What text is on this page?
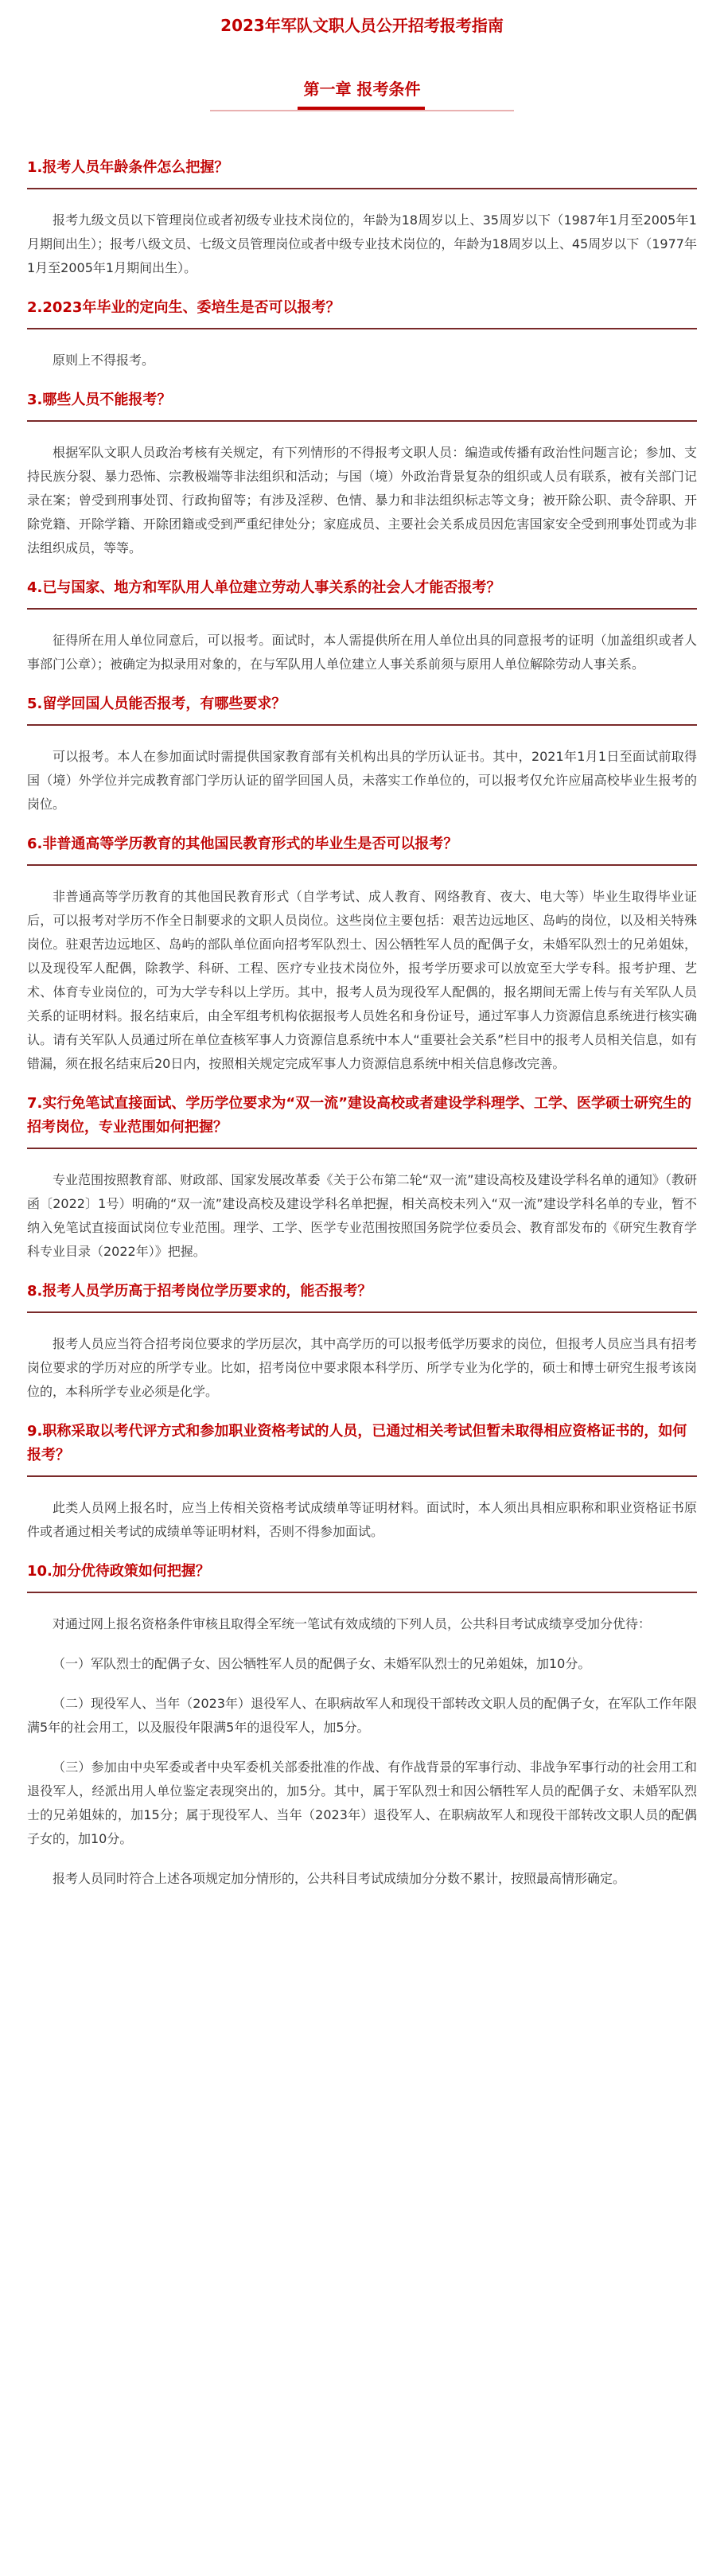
2023年军队文职人员公开招考报考指南
第一章 报考条件
1.报考人员年龄条件怎么把握？

报考九级文员以下管理岗位或者初级专业技术岗位的，年龄为18周岁以上、35周岁以下（1987年1月至2005年1月期间出生）；报考八级文员、七级文员管理岗位或者中级专业技术岗位的，年龄为18周岁以上、45周岁以下（1977年1月至2005年1月期间出生）。

2.2023年毕业的定向生、委培生是否可以报考？

原则上不得报考。

3.哪些人员不能报考？

根据军队文职人员政治考核有关规定，有下列情形的不得报考文职人员：编造或传播有政治性问题言论；参加、支持民族分裂、暴力恐怖、宗教极端等非法组织和活动；与国（境）外政治背景复杂的组织或人员有联系，被有关部门记录在案；曾受到刑事处罚、行政拘留等；有涉及淫秽、色情、暴力和非法组织标志等文身；被开除公职、责令辞职、开除党籍、开除学籍、开除团籍或受到严重纪律处分；家庭成员、主要社会关系成员因危害国家安全受到刑事处罚或为非法组织成员，等等。

4.已与国家、地方和军队用人单位建立劳动人事关系的社会人才能否报考？

征得所在用人单位同意后，可以报考。面试时，本人需提供所在用人单位出具的同意报考的证明（加盖组织或者人事部门公章）；被确定为拟录用对象的，在与军队用人单位建立人事关系前须与原用人单位解除劳动人事关系。

5.留学回国人员能否报考，有哪些要求？

可以报考。本人在参加面试时需提供国家教育部有关机构出具的学历认证书。其中，2021年1月1日至面试前取得国（境）外学位并完成教育部门学历认证的留学回国人员，未落实工作单位的，可以报考仅允许应届高校毕业生报考的岗位。

6.非普通高等学历教育的其他国民教育形式的毕业生是否可以报考？

非普通高等学历教育的其他国民教育形式（自学考试、成人教育、网络教育、夜大、电大等）毕业生取得毕业证后，可以报考对学历不作全日制要求的文职人员岗位。这些岗位主要包括：艰苦边远地区、岛屿的岗位，以及相关特殊岗位。驻艰苦边远地区、岛屿的部队单位面向招考军队烈士、因公牺牲军人员的配偶子女，未婚军队烈士的兄弟姐妹，以及现役军人配偶，除教学、科研、工程、医疗专业技术岗位外，报考学历要求可以放宽至大学专科。报考护理、艺术、体育专业岗位的，可为大学专科以上学历。其中，报考人员为现役军人配偶的，报名期间无需上传与有关军队人员关系的证明材料。报名结束后，由全军组考机构依据报考人员姓名和身份证号，通过军事人力资源信息系统进行核实确认。请有关军队人员通过所在单位查核军事人力资源信息系统中本人“重要社会关系”栏目中的报考人员相关信息，如有错漏，须在报名结束后20日内，按照相关规定完成军事人力资源信息系统中相关信息修改完善。

7.实行免笔试直接面试、学历学位要求为“双一流”建设高校或者建设学科理学、工学、医学硕士研究生的招考岗位，专业范围如何把握？

专业范围按照教育部、财政部、国家发展改革委《关于公布第二轮“双一流”建设高校及建设学科名单的通知》（教研函〔2022〕1号）明确的“双一流”建设高校及建设学科名单把握，相关高校未列入“双一流”建设学科名单的专业，暂不纳入免笔试直接面试岗位专业范围。理学、工学、医学专业范围按照国务院学位委员会、教育部发布的《研究生教育学科专业目录（2022年）》把握。

8.报考人员学历高于招考岗位学历要求的，能否报考？

报考人员应当符合招考岗位要求的学历层次，其中高学历的可以报考低学历要求的岗位，但报考人员应当具有招考岗位要求的学历对应的所学专业。比如，招考岗位中要求限本科学历、所学专业为化学的，硕士和博士研究生报考该岗位的，本科所学专业必须是化学。

9.职称采取以考代评方式和参加职业资格考试的人员，已通过相关考试但暂未取得相应资格证书的，如何报考？

此类人员网上报名时，应当上传相关资格考试成绩单等证明材料。面试时，本人须出具相应职称和职业资格证书原件或者通过相关考试的成绩单等证明材料，否则不得参加面试。

10.加分优待政策如何把握？

对通过网上报名资格条件审核且取得全军统一笔试有效成绩的下列人员，公共科目考试成绩享受加分优待：

（一）军队烈士的配偶子女、因公牺牲军人员的配偶子女、未婚军队烈士的兄弟姐妹，加10分。

（二）现役军人、当年（2023年）退役军人、在职病故军人和现役干部转改文职人员的配偶子女，在军队工作年限满5年的社会用工，以及服役年限满5年的退役军人，加5分。

（三）参加由中央军委或者中央军委机关部委批准的作战、有作战背景的军事行动、非战争军事行动的社会用工和退役军人，经派出用人单位鉴定表现突出的，加5分。其中，属于军队烈士和因公牺牲军人员的配偶子女、未婚军队烈士的兄弟姐妹的，加15分；属于现役军人、当年（2023年）退役军人、在职病故军人和现役干部转改文职人员的配偶子女的，加10分。

报考人员同时符合上述各项规定加分情形的，公共科目考试成绩加分分数不累计，按照最高情形确定。
